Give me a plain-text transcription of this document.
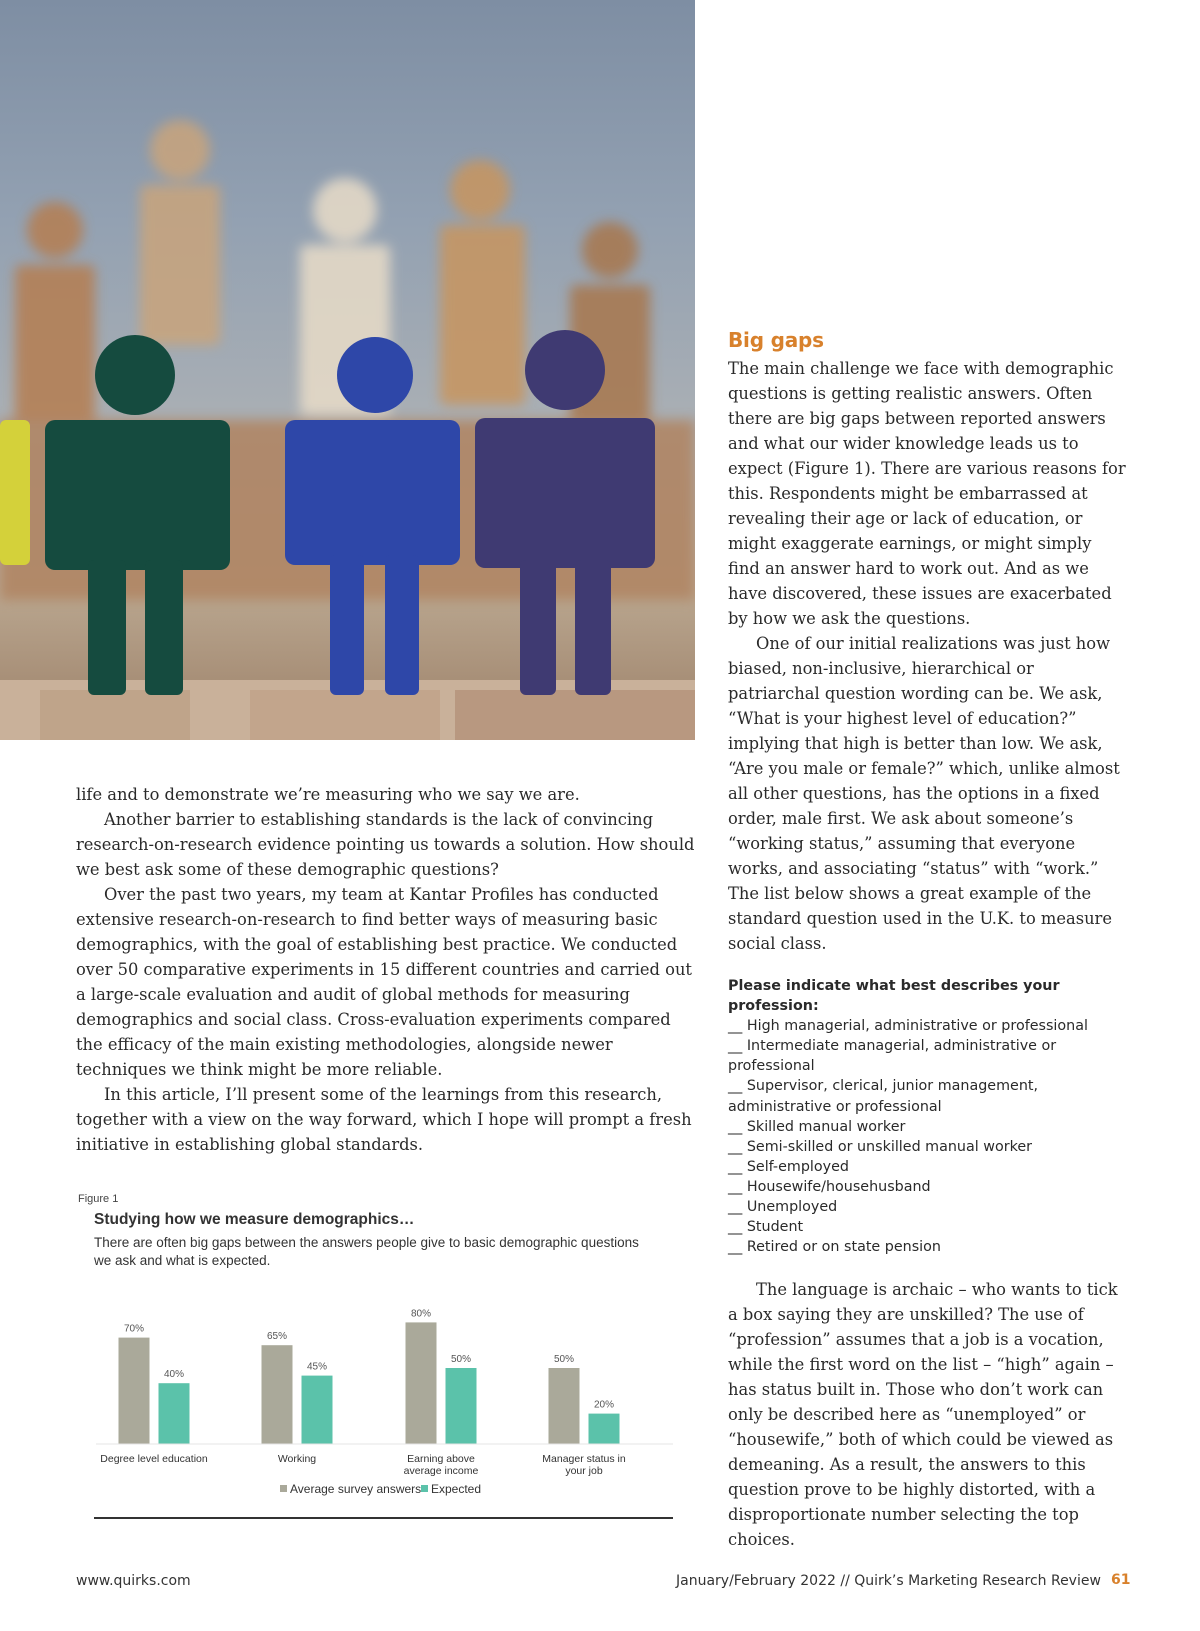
Big gaps

The main challenge we face with demographic questions is getting realistic answers. Often there are big gaps between reported answers and what our wider knowledge leads us to expect (Figure 1). There are various reasons for this. Respondents might be embarrassed at revealing their age or lack of education, or might exaggerate earnings, or might simply find an answer hard to work out. And as we have discovered, these issues are exacerbated by how we ask the questions.

One of our initial realizations was just how biased, non-inclusive, hierarchical or patriarchal question wording can be. We ask, “What is your highest level of education?” implying that high is better than low. We ask, “Are you male or female?” which, unlike almost all other questions, has the options in a fixed order, male first. We ask about someone’s “working status,” assuming that everyone works, and associating “status” with “work.” The list below shows a great example of the standard question used in the U.K. to measure social class.

Please indicate what best describes your profession:
__ High managerial, administrative or professional
__ Intermediate managerial, administrative or professional
__ Supervisor, clerical, junior management, administrative or professional
__ Skilled manual worker
__ Semi-skilled or unskilled manual worker
__ Self-employed
__ Housewife/househusband
__ Unemployed
__ Student
__ Retired or on state pension

The language is archaic – who wants to tick a box saying they are unskilled? The use of “profession” assumes that a job is a vocation, while the first word on the list – “high” again – has status built in. Those who don’t work can only be described here as “unemployed” or “housewife,” both of which could be viewed as demeaning. As a result, the answers to this question prove to be highly distorted, with a disproportionate number selecting the top choices.

life and to demonstrate we’re measuring who we say we are.

Another barrier to establishing standards is the lack of convincing research-on-research evidence pointing us towards a solution. How should we best ask some of these demographic questions?

Over the past two years, my team at Kantar Profiles has conducted extensive research-on-research to find better ways of measuring basic demographics, with the goal of establishing best practice. We conducted over 50 comparative experiments in 15 different countries and carried out a large-scale evaluation and audit of global methods for measuring demographics and social class. Cross-evaluation experiments compared the efficacy of the main existing methodologies, alongside newer techniques we think might be more reliable.

In this article, I’ll present some of the learnings from this research, together with a view on the way forward, which I hope will prompt a fresh initiative in establishing global standards.

Figure 1
Studying how we measure demographics…
There are often big gaps between the answers people give to basic demographic questions
we ask and what is expected.
70%
40%
Degree level education
65%
45%
Working
80%
50%
Earning above
average income
50%
20%
Manager status in
your job
Average survey answers Expected
www.quirks.com	January/February 2022 // Quirk’s Marketing Research Review 61
